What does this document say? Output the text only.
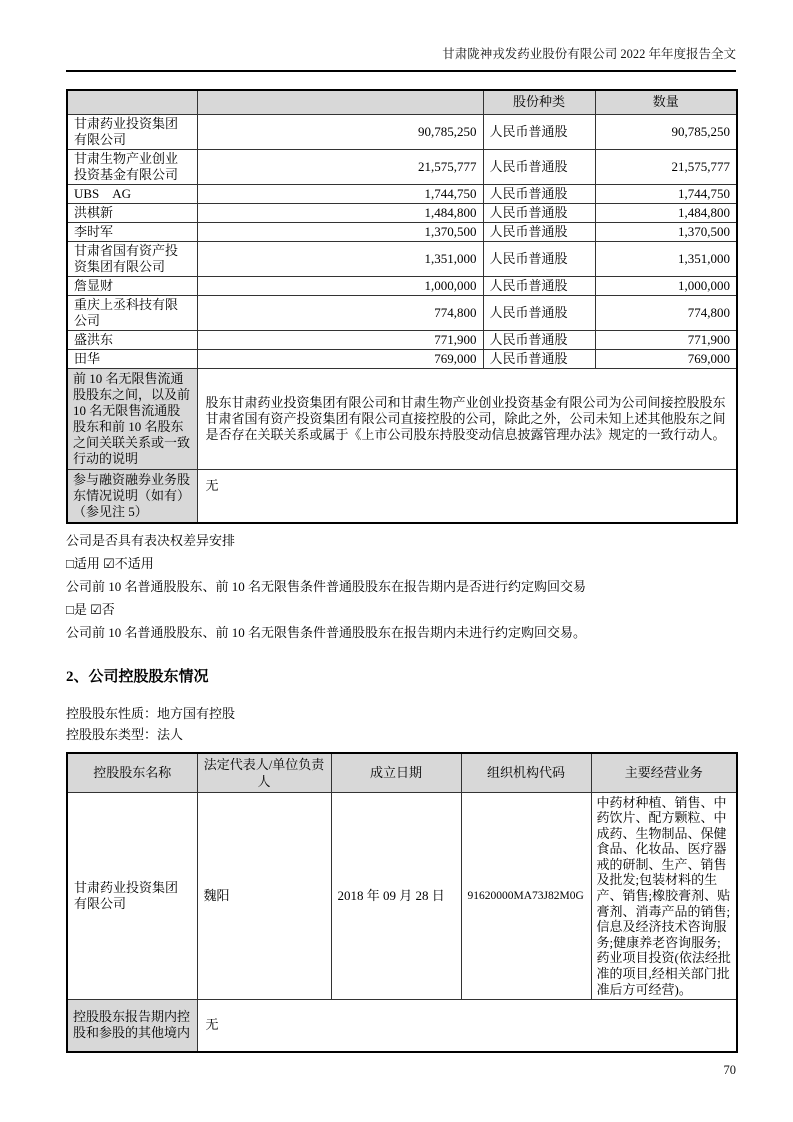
甘肃陇神戎发药业股份有限公司 2022 年年度报告全文
		股份种类	数量
甘肃药业投资集团有限公司	90,785,250	人民币普通股	90,785,250
甘肃生物产业创业投资基金有限公司	21,575,777	人民币普通股	21,575,777
UBS　AG	1,744,750	人民币普通股	1,744,750
洪棋新	1,484,800	人民币普通股	1,484,800
李时军	1,370,500	人民币普通股	1,370,500
甘肃省国有资产投资集团有限公司	1,351,000	人民币普通股	1,351,000
詹显财	1,000,000	人民币普通股	1,000,000
重庆上丞科技有限公司	774,800	人民币普通股	774,800
盛洪东	771,900	人民币普通股	771,900
田华	769,000	人民币普通股	769,000
前 10 名无限售流通股股东之间，以及前 10 名无限售流通股股东和前 10 名股东之间关联关系或一致行动的说明	股东甘肃药业投资集团有限公司和甘肃生物产业创业投资基金有限公司为公司间接控股股东甘肃省国有资产投资集团有限公司直接控股的公司，除此之外，公司未知上述其他股东之间是否存在关联关系或属于《上市公司股东持股变动信息披露管理办法》规定的一致行动人。		
参与融资融券业务股东情况说明（如有）（参见注 5）	无		

公司是否具有表决权差异安排

□适用 ☑不适用

公司前 10 名普通股股东、前 10 名无限售条件普通股股东在报告期内是否进行约定购回交易

□是 ☑否

公司前 10 名普通股股东、前 10 名无限售条件普通股股东在报告期内未进行约定购回交易。

2、公司控股股东情况
控股股东性质：地方国有控股
控股股东类型：法人
控股股东名称	法定代表人/单位负责人	成立日期	组织机构代码	主要经营业务
甘肃药业投资集团有限公司	魏阳	2018 年 09 月 28 日	91620000MA73J82M0G	中药材种植、销售、中药饮片、配方颗粒、中成药、生物制品、保健食品、化妆品、医疗器戒的研制、生产、销售及批发;包装材料的生产、销售;橡胶膏剂、贴膏剂、消毒产品的销售;信息及经济技术咨询服务;健康养老咨询服务;药业项目投资(依法经批准的项目,经相关部门批准后方可经营)。
控股股东报告期内控股和参股的其他境内	无			
70
